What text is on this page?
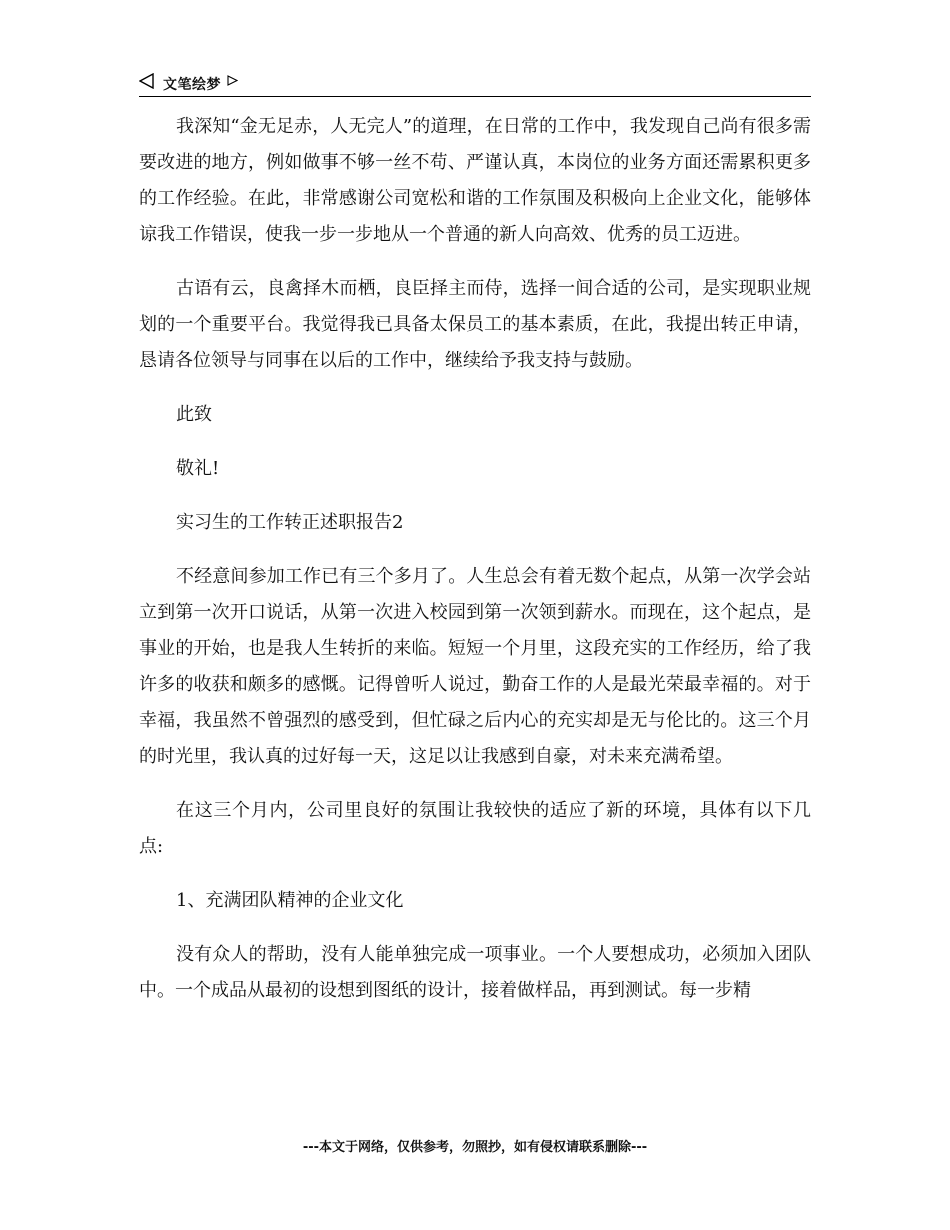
文笔绘梦

我深知“金无足赤，人无完人”的道理，在日常的工作中，我发现自己尚有很多需要改进的地方，例如做事不够一丝不苟、严谨认真，本岗位的业务方面还需累积更多的工作经验。在此，非常感谢公司宽松和谐的工作氛围及积极向上企业文化，能够体谅我工作错误，使我一步一步地从一个普通的新人向高效、优秀的员工迈进。

古语有云，良禽择木而栖，良臣择主而侍，选择一间合适的公司，是实现职业规划的一个重要平台。我觉得我已具备太保员工的基本素质，在此，我提出转正申请，恳请各位领导与同事在以后的工作中，继续给予我支持与鼓励。

此致

敬礼!

实习生的工作转正述职报告2

不经意间参加工作已有三个多月了。人生总会有着无数个起点，从第一次学会站立到第一次开口说话，从第一次进入校园到第一次领到薪水。而现在，这个起点，是事业的开始，也是我人生转折的来临。短短一个月里，这段充实的工作经历，给了我许多的收获和颇多的感慨。记得曾听人说过，勤奋工作的人是最光荣最幸福的。对于幸福，我虽然不曾强烈的感受到，但忙碌之后内心的充实却是无与伦比的。这三个月的时光里，我认真的过好每一天，这足以让我感到自豪，对未来充满希望。

在这三个月内，公司里良好的氛围让我较快的适应了新的环境，具体有以下几点:

1、充满团队精神的企业文化

没有众人的帮助，没有人能单独完成一项事业。一个人要想成功，必须加入团队中。一个成品从最初的设想到图纸的设计，接着做样品，再到测试。每一步精

---本文于网络，仅供参考，勿照抄，如有侵权请联系删除---
